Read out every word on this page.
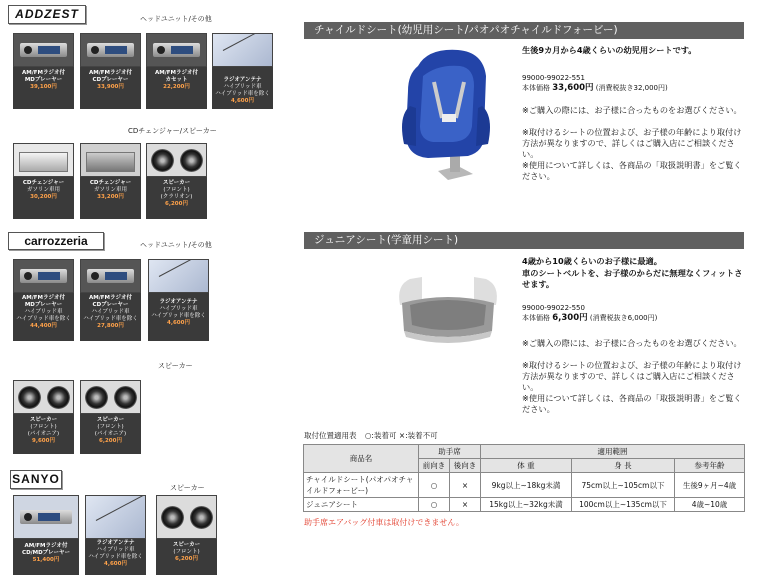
ADDZEST	ヘッドユニット/その他
AM/FMラジオ付
MDプレーヤー
39,100円
AM/FMラジオ付
CDプレーヤー
33,900円
AM/FMラジオ付
カセット
22,200円
ラジオアンテナ
ハイブリッド車
ハイブリッド車を除く
4,600円
CDチェンジャー/スピーカー
CDチェンジャー
ガソリン車用
30,200円
CDチェンジャー
ガソリン車用
33,200円
スピーカー
(フロント)
(クラリオン)
6,200円
carrozzeria	ヘッドユニット/その他
AM/FMラジオ付
MDプレーヤー
ハイブリッド車
ハイブリッド車を除く
44,400円
AM/FMラジオ付
CDプレーヤー
ハイブリッド車
ハイブリッド車を除く
27,800円
ラジオアンテナ
ハイブリッド車
ハイブリッド車を除く
4,600円
スピーカー
スピーカー
(フロント)
(パイオニア)
9,600円
スピーカー
(フロント)
(パイオニア)
6,200円
SANYO
スピーカー
AM/FMラジオ付
CD/MDプレーヤー
51,400円
ラジオアンテナ
ハイブリッド車
ハイブリッド車を除く
4,600円
スピーカー
(フロント)
6,200円
チャイルドシート(幼児用シート/パオパオチャイルドフォービー)
生後9カ月から4歳くらいの幼児用シートです。
99000-99022-551
本体価格 33,600円 (消費税抜き32,000円)
※ご購入の際には、お子様に合ったものをお選びください。
※取付けるシートの位置および、お子様の年齢により取付け方法が異なりますので、詳しくはご購入店にご相談ください。
※使用について詳しくは、各商品の「取扱説明書」をご覧ください。
ジュニアシート(学童用シート)
4歳から10歳くらいのお子様に最適。
車のシートベルトを、お子様のからだに無理なくフィットさせます。
99000-99022-550
本体価格 6,300円 (消費税抜き6,000円)
※ご購入の際には、お子様に合ったものをお選びください。
※取付けるシートの位置および、お子様の年齢により取付け方法が異なりますので、詳しくはご購入店にご相談ください。
※使用について詳しくは、各商品の「取扱説明書」をご覧ください。
取付位置適用表 ○:装着可 ×:装着不可
商品名	助手席		適用範囲		
	前向き	後向き	体 重	身 長	参考年齢
チャイルドシート(パオパオチャイルドフォービー)	○	×	9kg以上~18kg未満	75cm以上~105cm以下	生後9ヶ月~4歳
ジュニアシート	○	×	15kg以上~32kg未満	100cm以上~135cm以下	4歳~10歳
助手席エアバッグ付車は取付けできません。
